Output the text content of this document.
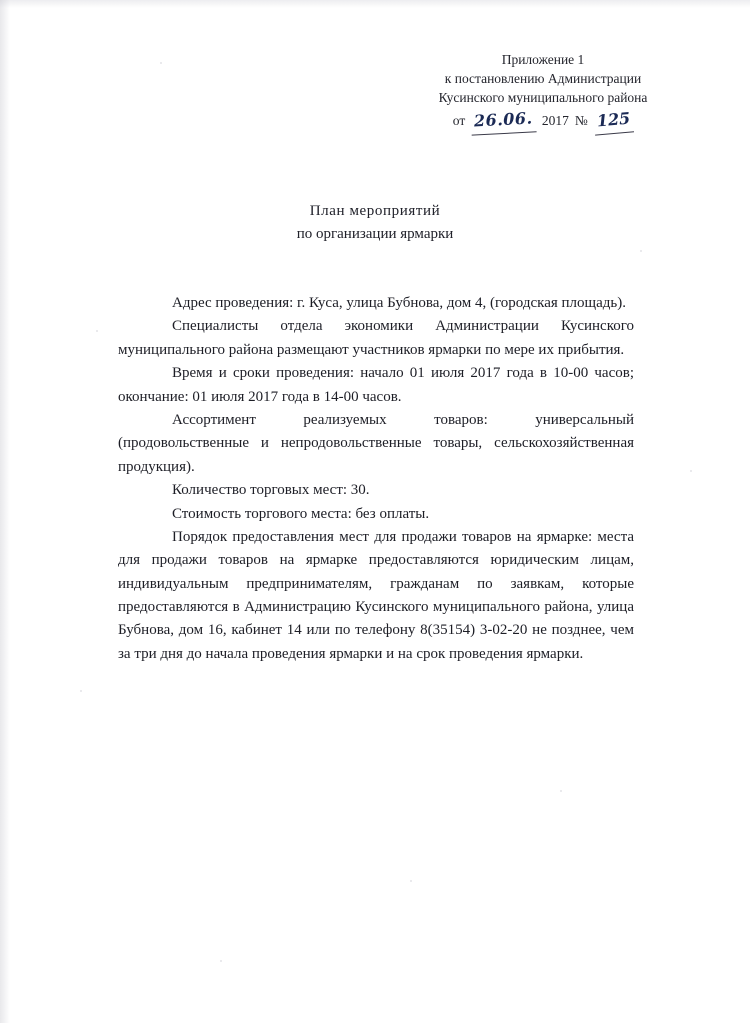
Приложение 1
к постановлению Администрации
Кусинского муниципального района
от 26.06. 2017 № 125
План мероприятий
по организации ярмарки

Адрес проведения: г. Куса, улица Бубнова, дом 4, (городская площадь).

Специалисты отдела экономики Администрации Кусинского муниципального района размещают участников ярмарки по мере их прибытия.

Время и сроки проведения: начало 01 июля 2017 года в 10-00 часов; окончание: 01 июля 2017 года в 14-00 часов.

Ассортимент реализуемых товаров: универсальный (продовольственные и непродовольственные товары, сельскохозяйственная продукция).

Количество торговых мест: 30.

Стоимость торгового места: без оплаты.

Порядок предоставления мест для продажи товаров на ярмарке: места для продажи товаров на ярмарке предоставляются юридическим лицам, индивидуальным предпринимателям, гражданам по заявкам, которые предоставляются в Администрацию Кусинского муниципального района, улица Бубнова, дом 16, кабинет 14 или по телефону 8(35154) 3-02-20 не позднее, чем за три дня до начала проведения ярмарки и на срок проведения ярмарки.
